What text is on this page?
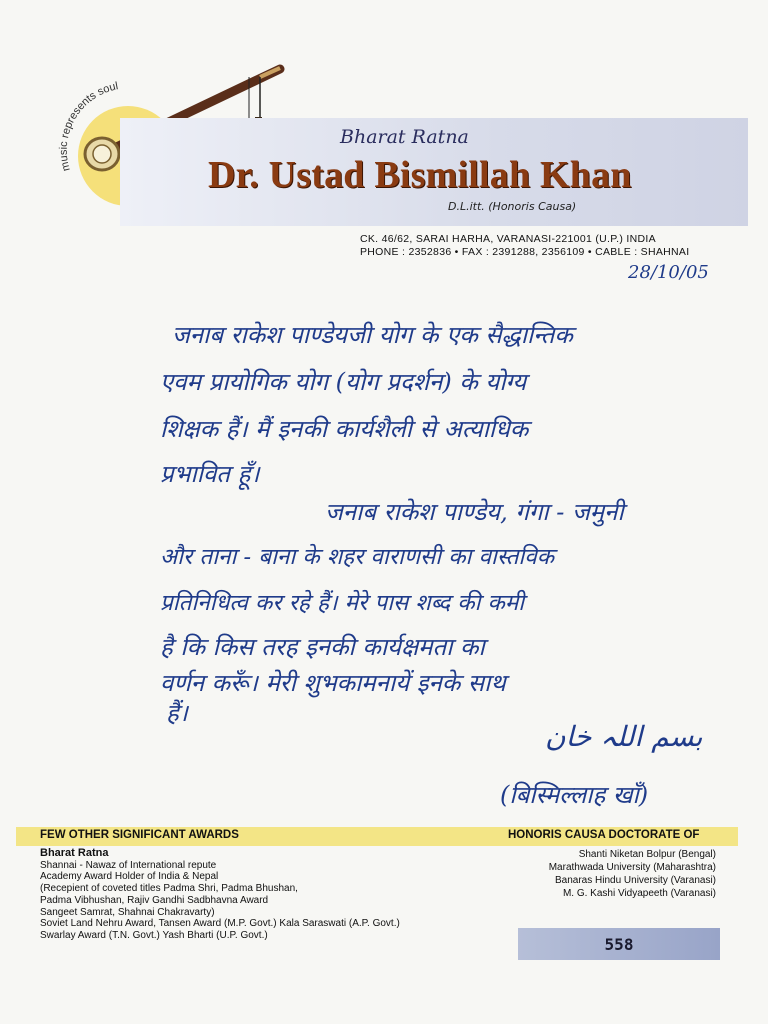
music represents soul
Bharat Ratna
Dr. Ustad Bismillah Khan
D.L.itt. (Honoris Causa)
CK. 46/62, SARAI HARHA, VARANASI-221001 (U.P.) INDIA
PHONE : 2352836 • FAX : 2391288, 2356109 • CABLE : SHAHNAI
28/10/05
जनाब राकेश पाण्डेयजी योग के एक सैद्धान्तिक
एवम प्रायोगिक योग (योग प्रदर्शन) के योग्य
शिक्षक हैं। मैं इनकी कार्यशैली से अत्याधिक
प्रभावित हूँ।
जनाब राकेश पाण्डेय, गंगा - जमुनी
और ताना - बाना के शहर वाराणसी का वास्तविक
प्रतिनिधित्व कर रहे हैं। मेरे पास शब्द की कमी
है कि किस तरह इनकी कार्यक्षमता का
वर्णन करूँ। मेरी शुभकामनायें इनके साथ
हैं।
بسم اللہ خان
(बिस्मिल्लाह खाँ)
FEW OTHER SIGNIFICANT AWARDS	HONORIS CAUSA DOCTORATE OF
Bharat Ratna
Shannai - Nawaz of International repute
Academy Award Holder of India & Nepal
(Recepient of coveted titles Padma Shri, Padma Bhushan,
Padma Vibhushan, Rajiv Gandhi Sadbhavna Award
Sangeet Samrat, Shahnai Chakravarty)
Soviet Land Nehru Award, Tansen Award (M.P. Govt.) Kala Saraswati (A.P. Govt.)
Swarlay Award (T.N. Govt.) Yash Bharti (U.P. Govt.)
Shanti Niketan Bolpur (Bengal)
Marathwada University (Maharashtra)
Banaras Hindu University (Varanasi)
M. G. Kashi Vidyapeeth (Varanasi)
558
